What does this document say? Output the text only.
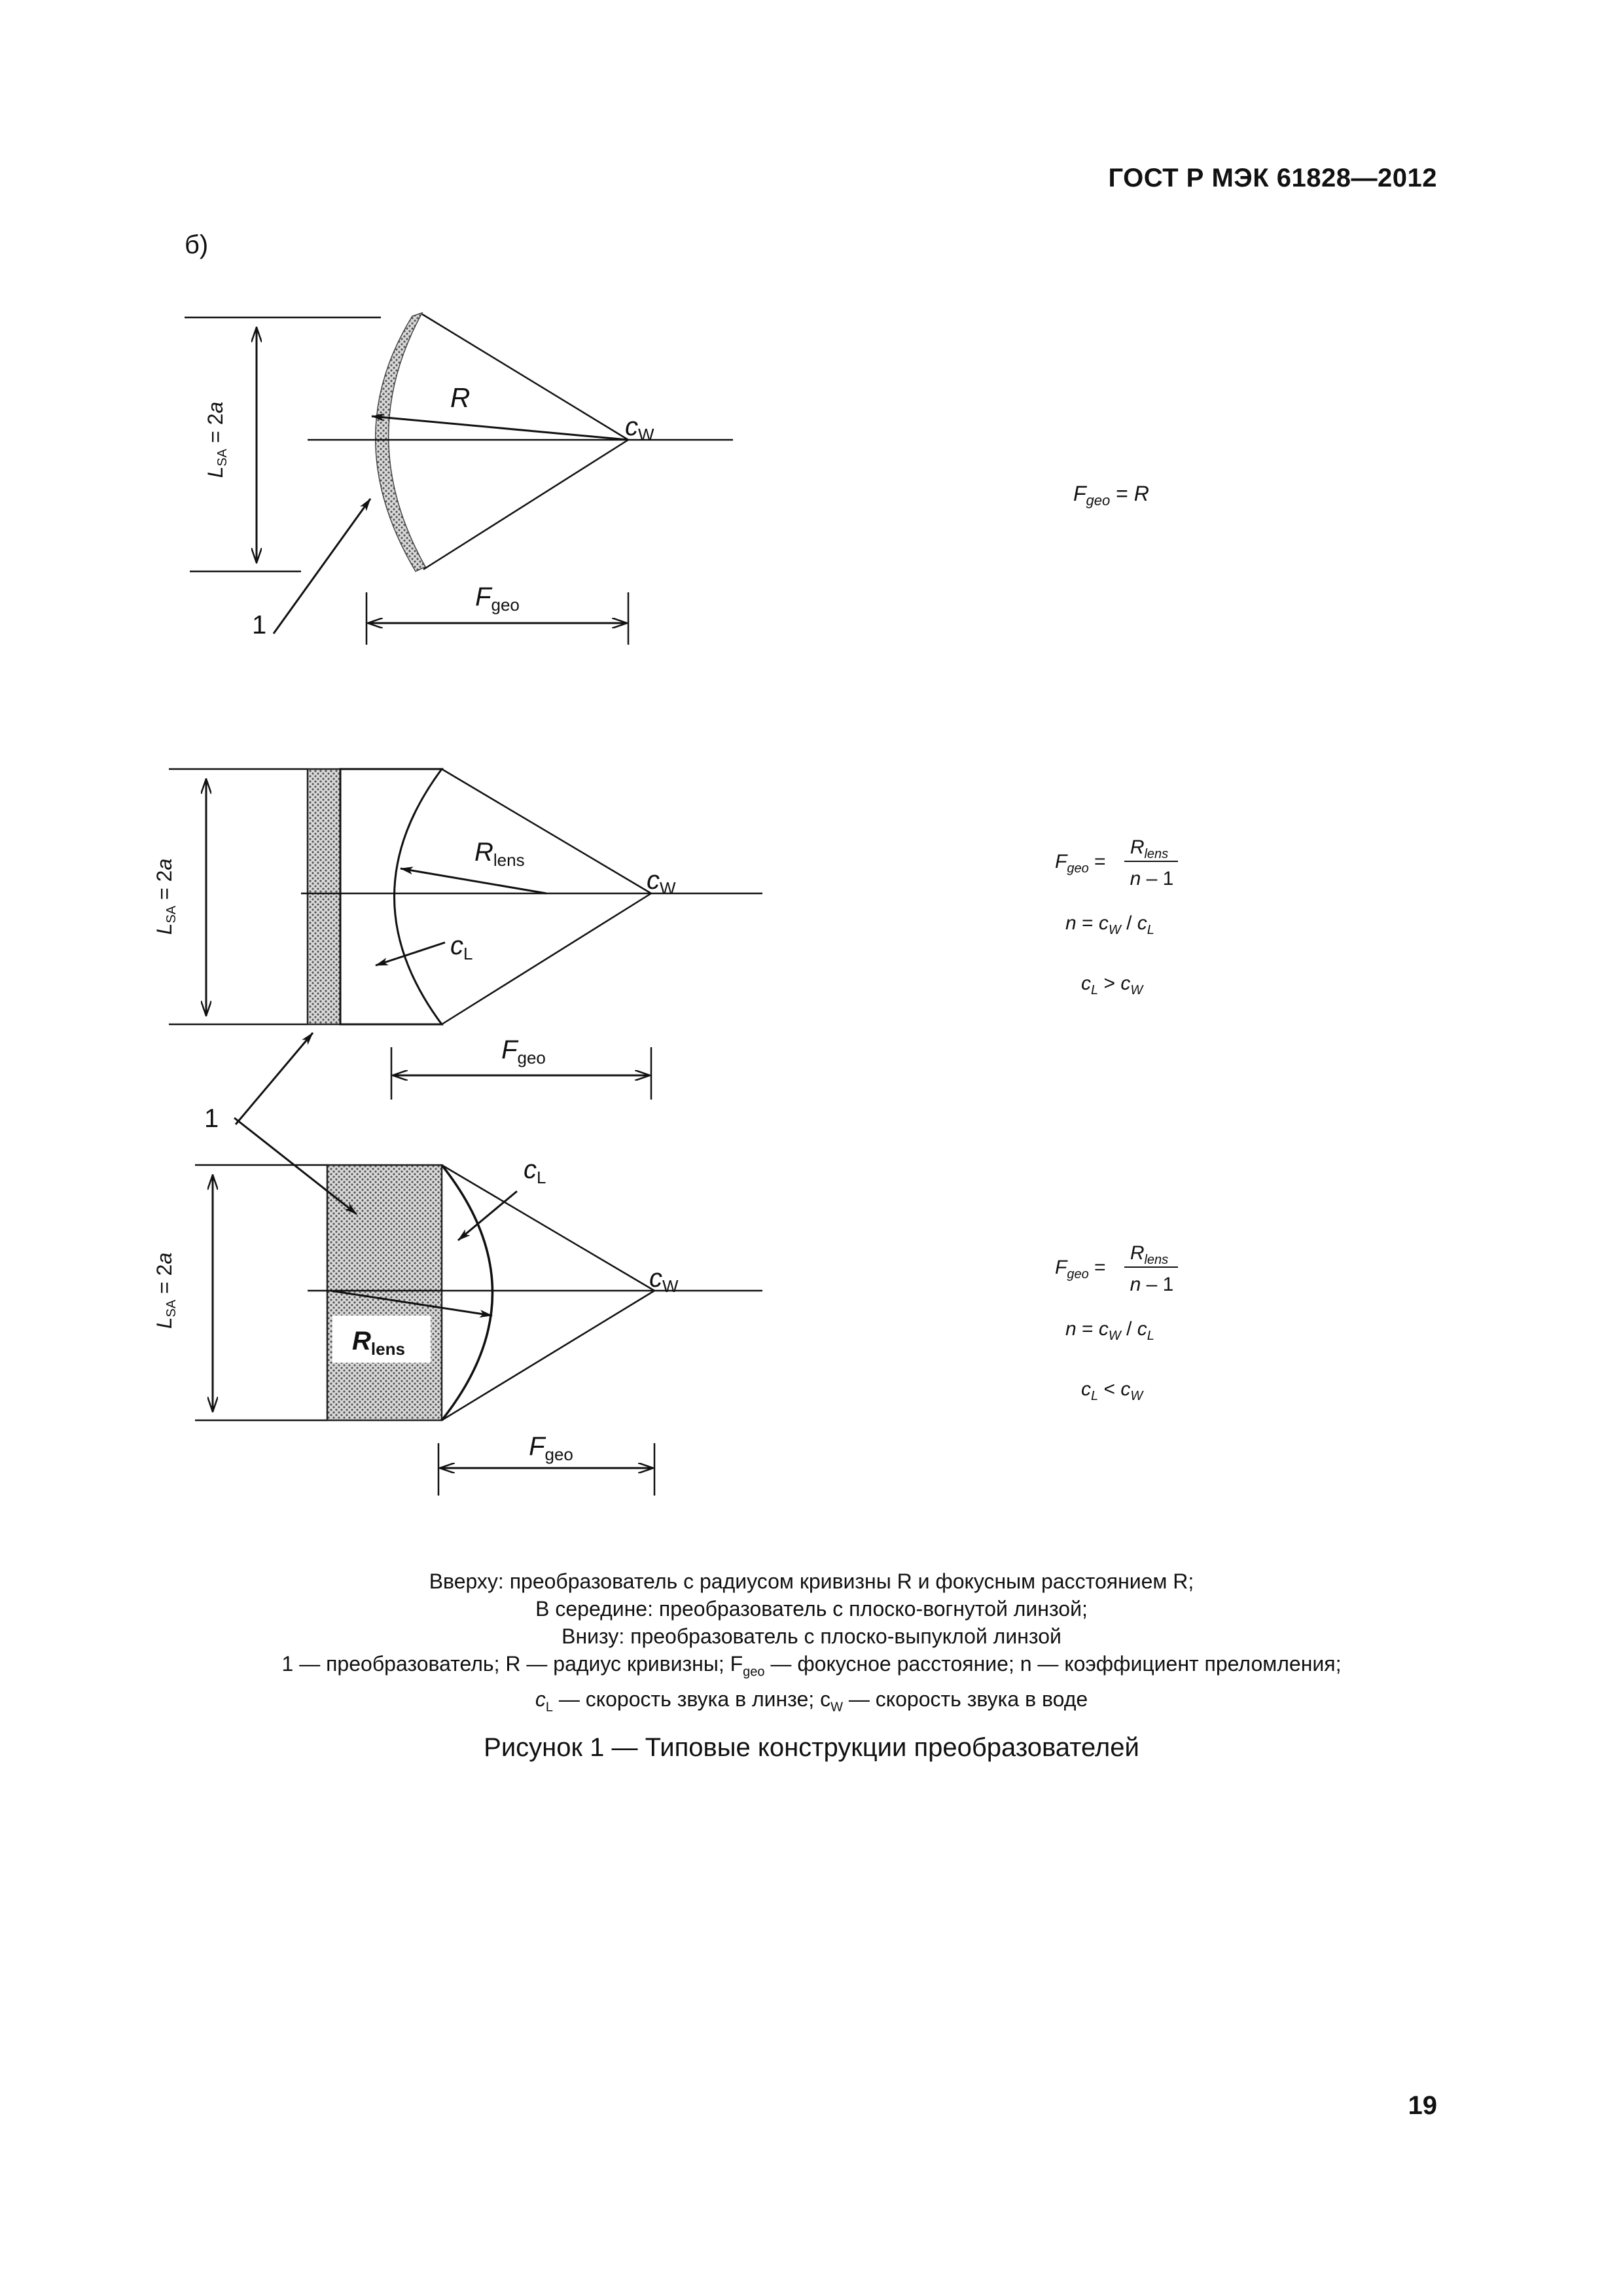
ГОСТ Р МЭК 61828—2012
б)
LSA = 2a	R
$c_W$
1
$F_{geo}$
$F_{geo} = R$
LSA = 2a	$R_{lens}$
$c_W$
$c_L$
1
$F_{geo}$
$F_{geo}$ =
$R_{lens}$
n – 1
$n = c_W / c_L$
$c_L > c_W$
LSA = 2a
$R_{lens}$
$c_W$
$c_L$
$F_{geo}$
$F_{geo}$ =
$R_{lens}$
n – 1
$n = c_W / c_L$
$c_L < c_W$
Вверху: преобразователь с радиусом кривизны R и фокусным расстоянием R;
В середине: преобразователь с плоско-вогнутой линзой;
Внизу: преобразователь с плоско-выпуклой линзой
1 — преобразователь; R — радиус кривизны; $F_{geo}$ — фокусное расстояние; n — коэффициент преломления;
$c_L$ — скорость звука в линзе; $c_W$ — скорость звука в воде
Рисунок 1 — Типовые конструкции преобразователей
19
